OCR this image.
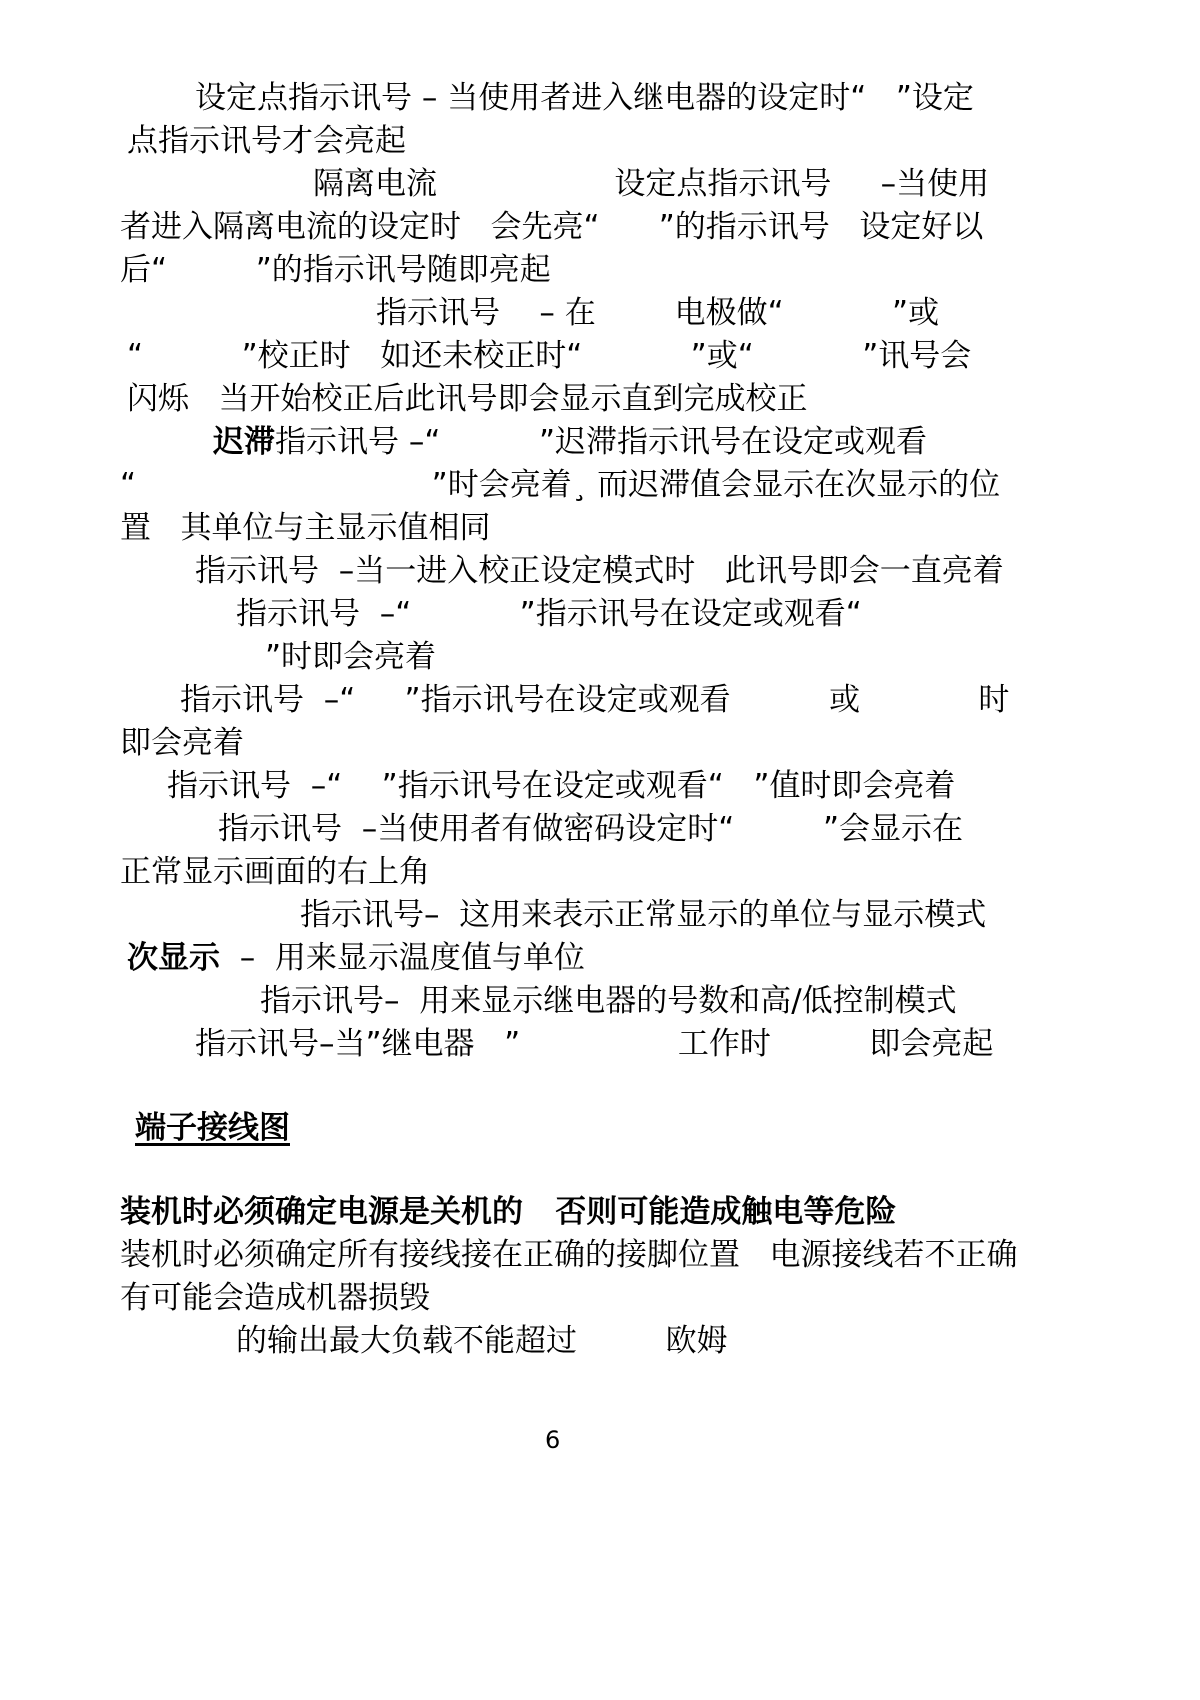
设定点指示讯号 – 当使用者进入继电器的设定时“   ”设定
点指示讯号才会亮起
隔离电流                  设定点指示讯号     –当使用
者进入隔离电流的设定时   会先亮“      ”的指示讯号   设定好以
后“         ”的指示讯号随即亮起
指示讯号    – 在        电极做“           ”或
“          ”校正时   如还未校正时“           ”或“           ”讯号会
闪烁   当开始校正后此讯号即会显示直到完成校正
迟滞指示讯号 –“          ”迟滞指示讯号在设定或观看
“                              ”时会亮着¸ 而迟滞值会显示在次显示的位
置   其单位与主显示值相同
指示讯号  –当一进入校正设定模式时   此讯号即会一直亮着
指示讯号  –“           ”指示讯号在设定或观看“
”时即会亮着
指示讯号  –“     ”指示讯号在设定或观看          或            时
即会亮着
指示讯号  –“    ”指示讯号在设定或观看“   ”值时即会亮着
指示讯号  –当使用者有做密码设定时“         ”会显示在
正常显示画面的右上角
指示讯号–  这用来表示正常显示的单位与显示模式
次显示  –  用来显示温度值与单位
指示讯号–  用来显示继电器的号数和高/低控制模式
指示讯号–当”继电器   ”                工作时          即会亮起
端子接线图
装机时必须确定电源是关机的   否则可能造成触电等危险
装机时必须确定所有接线接在正确的接脚位置   电源接线若不正确
有可能会造成机器损毁
的输出最大负载不能超过         欧姆
6
